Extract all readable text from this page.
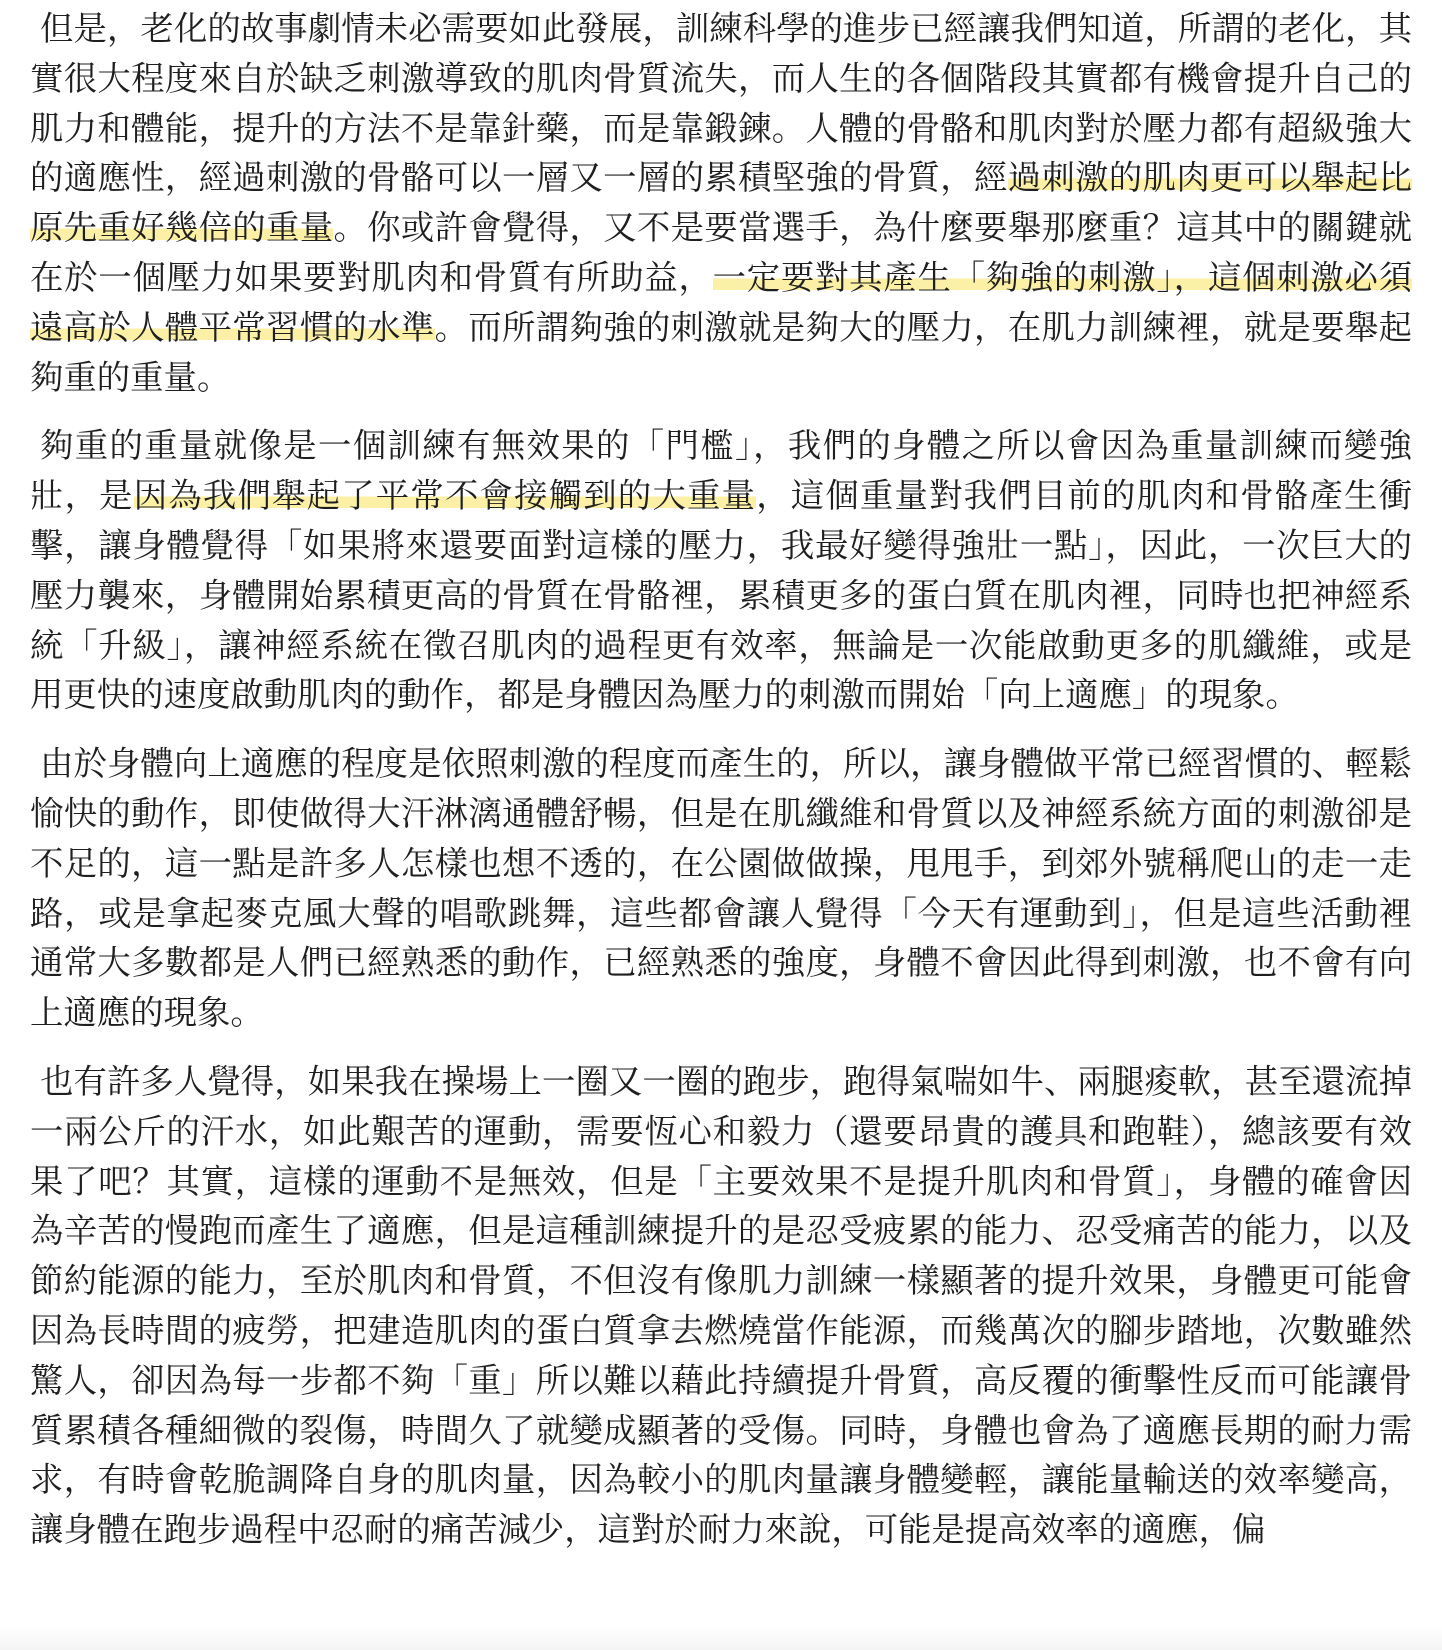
但是，老化的故事劇情未必需要如此發展，訓練科學的進步已經讓我們知道，所謂的老化，其實很大程度來自於缺乏刺激導致的肌肉骨質流失，而人生的各個階段其實都有機會提升自己的肌力和體能，提升的方法不是靠針藥，而是靠鍛鍊。人體的骨骼和肌肉對於壓力都有超級強大的適應性，經過刺激的骨骼可以一層又一層的累積堅強的骨質，經過刺激的肌肉更可以舉起比原先重好幾倍的重量。你或許會覺得，又不是要當選手，為什麼要舉那麼重？這其中的關鍵就在於一個壓力如果要對肌肉和骨質有所助益，一定要對其產生「夠強的刺激」，這個刺激必須遠高於人體平常習慣的水準。而所謂夠強的刺激就是夠大的壓力，在肌力訓練裡，就是要舉起夠重的重量。

夠重的重量就像是一個訓練有無效果的「門檻」，我們的身體之所以會因為重量訓練而變強壯，是因為我們舉起了平常不會接觸到的大重量，這個重量對我們目前的肌肉和骨骼產生衝擊，讓身體覺得「如果將來還要面對這樣的壓力，我最好變得強壯一點」，因此，一次巨大的壓力襲來，身體開始累積更高的骨質在骨骼裡，累積更多的蛋白質在肌肉裡，同時也把神經系統「升級」，讓神經系統在徵召肌肉的過程更有效率，無論是一次能啟動更多的肌纖維，或是用更快的速度啟動肌肉的動作，都是身體因為壓力的刺激而開始「向上適應」的現象。

由於身體向上適應的程度是依照刺激的程度而產生的，所以，讓身體做平常已經習慣的、輕鬆愉快的動作，即使做得大汗淋漓通體舒暢，但是在肌纖維和骨質以及神經系統方面的刺激卻是不足的，這一點是許多人怎樣也想不透的，在公園做做操，甩甩手，到郊外號稱爬山的走一走路，或是拿起麥克風大聲的唱歌跳舞，這些都會讓人覺得「今天有運動到」，但是這些活動裡通常大多數都是人們已經熟悉的動作，已經熟悉的強度，身體不會因此得到刺激，也不會有向上適應的現象。

也有許多人覺得，如果我在操場上一圈又一圈的跑步，跑得氣喘如牛、兩腿痠軟，甚至還流掉一兩公斤的汗水，如此艱苦的運動，需要恆心和毅力（還要昂貴的護具和跑鞋），總該要有效果了吧？其實，這樣的運動不是無效，但是「主要效果不是提升肌肉和骨質」，身體的確會因為辛苦的慢跑而產生了適應，但是這種訓練提升的是忍受疲累的能力、忍受痛苦的能力，以及節約能源的能力，至於肌肉和骨質，不但沒有像肌力訓練一樣顯著的提升效果，身體更可能會因為長時間的疲勞，把建造肌肉的蛋白質拿去燃燒當作能源，而幾萬次的腳步踏地，次數雖然驚人，卻因為每一步都不夠「重」所以難以藉此持續提升骨質，高反覆的衝擊性反而可能讓骨質累積各種細微的裂傷，時間久了就變成顯著的受傷。同時，身體也會為了適應長期的耐力需求，有時會乾脆調降自身的肌肉量，因為較小的肌肉量讓身體變輕，讓能量輸送的效率變高，讓身體在跑步過程中忍耐的痛苦減少，這對於耐力來說，可能是提高效率的適應，偏
